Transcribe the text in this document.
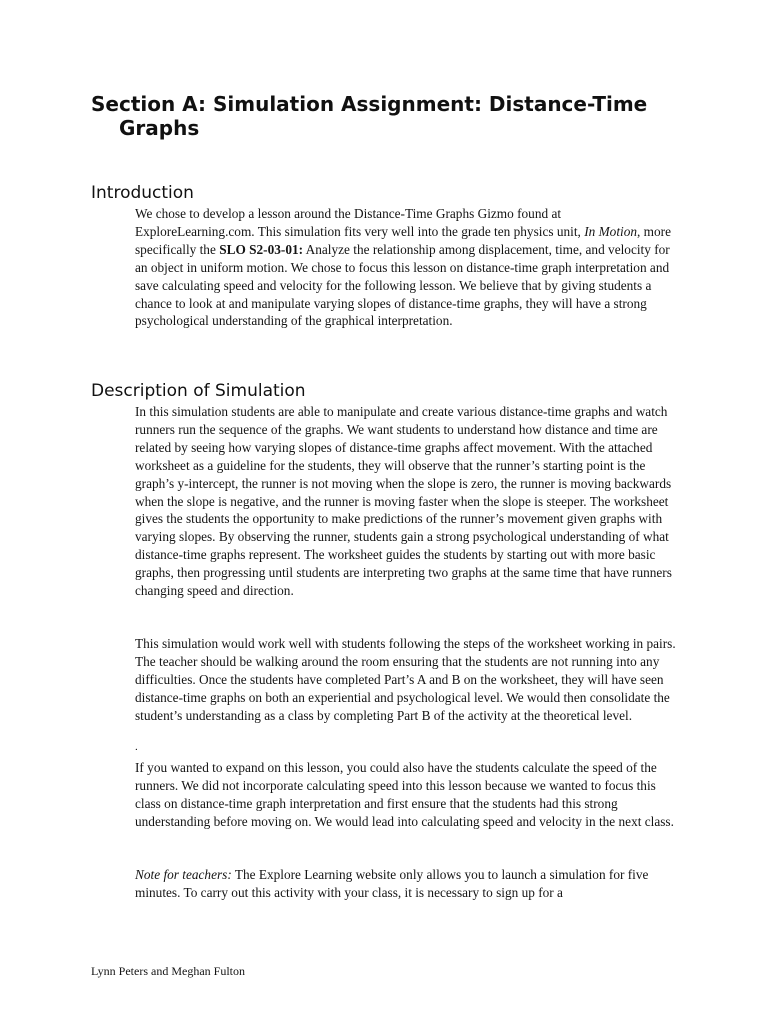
Section A: Simulation Assignment: Distance-Time
Graphs
Introduction

We chose to develop a lesson around the Distance-Time Graphs Gizmo found at ExploreLearning.com. This simulation fits very well into the grade ten physics unit, In Motion, more specifically the SLO S2-03-01: Analyze the relationship among displacement, time, and velocity for an object in uniform motion. We chose to focus this lesson on distance-time graph interpretation and save calculating speed and velocity for the following lesson. We believe that by giving students a chance to look at and manipulate varying slopes of distance-time graphs, they will have a strong psychological understanding of the graphical interpretation.

Description of Simulation

In this simulation students are able to manipulate and create various distance-time graphs and watch runners run the sequence of the graphs. We want students to understand how distance and time are related by seeing how varying slopes of distance-time graphs affect movement. With the attached worksheet as a guideline for the students, they will observe that the runner’s starting point is the graph’s y-intercept, the runner is not moving when the slope is zero, the runner is moving backwards when the slope is negative, and the runner is moving faster when the slope is steeper. The worksheet gives the students the opportunity to make predictions of the runner’s movement given graphs with varying slopes. By observing the runner, students gain a strong psychological understanding of what distance-time graphs represent. The worksheet guides the students by starting out with more basic graphs, then progressing until students are interpreting two graphs at the same time that have runners changing speed and direction.

This simulation would work well with students following the steps of the worksheet working in pairs. The teacher should be walking around the room ensuring that the students are not running into any difficulties. Once the students have completed Part’s A and B on the worksheet, they will have seen distance-time graphs on both an experiential and psychological level. We would then consolidate the student’s understanding as a class by completing Part B of the activity at the theoretical level.

.

If you wanted to expand on this lesson, you could also have the students calculate the speed of the runners. We did not incorporate calculating speed into this lesson because we wanted to focus this class on distance-time graph interpretation and first ensure that the students had this strong understanding before moving on. We would lead into calculating speed and velocity in the next class.

Note for teachers: The Explore Learning website only allows you to launch a simulation for five minutes. To carry out this activity with your class, it is necessary to sign up for a

Lynn Peters and Meghan Fulton
